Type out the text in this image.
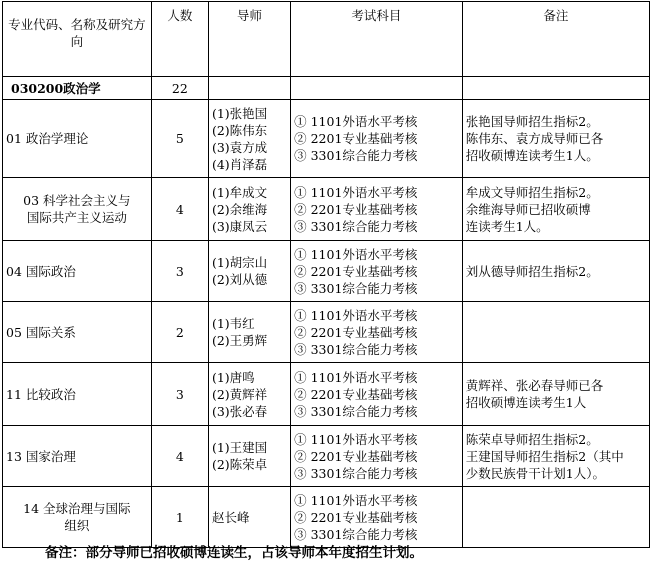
专业代码、名称及研究方向	人数	导师	考试科目	备注
030200政治学	22			
01 政治学理论	5	(1)张艳国
(2)陈伟东
(3)袁方成
(4)肖泽磊	① 1101外语水平考核
② 2201专业基础考核
③ 3301综合能力考核	张艳国导师招生指标2。
陈伟东、袁方成导师已各
招收硕博连读考生1人。

03 科学社会主义与
国际共产主义运动	4	(1)牟成文
(2)余维海
(3)康凤云	① 1101外语水平考核
② 2201专业基础考核
③ 3301综合能力考核	牟成文导师招生指标2。
余维海导师已招收硕博
连读考生1人。

04 国际政治	3	(1)胡宗山
(2)刘从德	① 1101外语水平考核
② 2201专业基础考核
③ 3301综合能力考核	刘从德导师招生指标2。

05 国际关系	2	(1)韦红
(2)王勇辉	① 1101外语水平考核
② 2201专业基础考核
③ 3301综合能力考核	

11 比较政治	3	(1)唐鸣
(2)黄辉祥
(3)张必春	① 1101外语水平考核
② 2201专业基础考核
③ 3301综合能力考核	黄辉祥、张必春导师已各
招收硕博连读考生1人

13 国家治理	4	(1)王建国
(2)陈荣卓	① 1101外语水平考核
② 2201专业基础考核
③ 3301综合能力考核	陈荣卓导师招生指标2。
王建国导师招生指标2（其中
少数民族骨干计划1人）。

14 全球治理与国际
组织	1	赵长峰	① 1101外语水平考核
② 2201专业基础考核
③ 3301综合能力考核	

备注：部分导师已招收硕博连读生，占该导师本年度招生计划。
